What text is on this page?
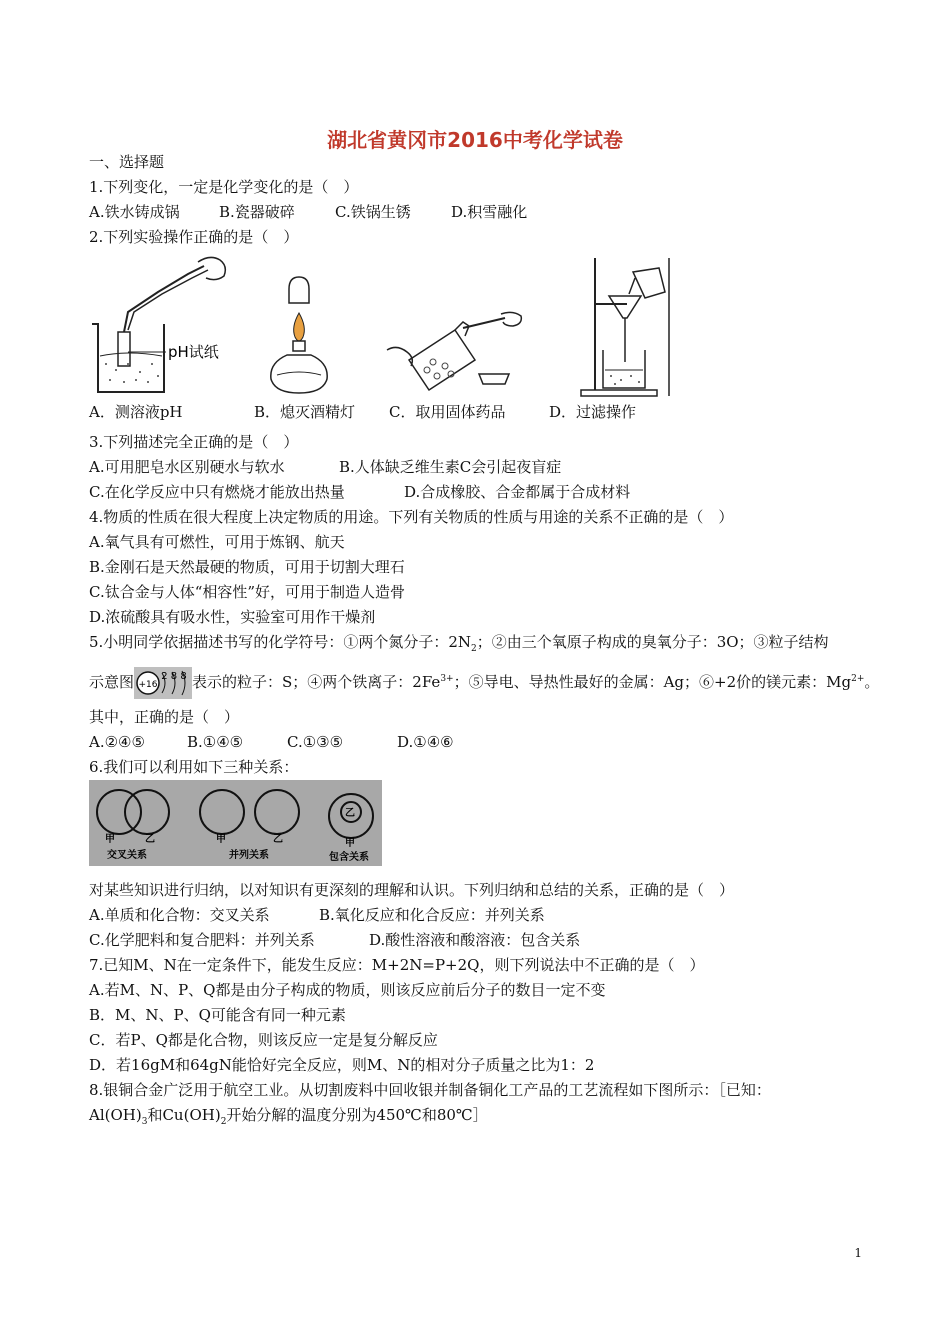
湖北省黄冈市2016中考化学试卷
一、选择题
1.下列变化，一定是化学变化的是（　）
A.铁水铸成锅	B.瓷器破碎	C.铁锅生锈	D.积雪融化
2.下列实验操作正确的是（　）
pH试纸
A．测溶液pH	B．熄灭酒精灯 C．取用固体药品	D．过滤操作
3.下列描述完全正确的是（　）
A.可用肥皂水区别硬水与软水	B.人体缺乏维生素C会引起夜盲症
C.在化学反应中只有燃烧才能放出热量	D.合成橡胶、合金都属于合成材料
4.物质的性质在很大程度上决定物质的用途。下列有关物质的性质与用途的关系不正确的是（　）
A.氧气具有可燃性，可用于炼钢、航天
B.金刚石是天然最硬的物质，可用于切割大理石
C.钛合金与人体“相容性”好，可用于制造人造骨
D.浓硫酸具有吸水性，实验室可用作干燥剂
5.小明同学依据描述书写的化学符号：①两个氮分子：$2N_2$；②由三个氧原子构成的臭氧分子：3O；③粒子结构
示意图 +16
2 8 8 表示的粒子：S；④两个铁离子：$2Fe^{3+}$；⑤导电、导热性最好的金属：Ag；⑥+2价的镁元素：$Mg^{2+}$。
其中，正确的是（　）
A.②④⑤	B.①④⑤	C.①③⑤	D.①④⑥
6.我们可以利用如下三种关系：
甲	乙
交叉关系
甲	乙
并列关系
乙
甲
包含关系
对某些知识进行归纳，以对知识有更深刻的理解和认识。下列归纳和总结的关系，正确的是（　）
A.单质和化合物：交叉关系	B.氧化反应和化合反应：并列关系
C.化学肥料和复合肥料：并列关系	D.酸性溶液和酸溶液：包含关系
7.已知M、N在一定条件下，能发生反应：M+2N=P+2Q，则下列说法中不正确的是（　）
A.若M、N、P、Q都是由分子构成的物质，则该反应前后分子的数目一定不变
B．M、N、P、Q可能含有同一种元素
C．若P、Q都是化合物，则该反应一定是复分解反应
D．若16gM和64gN能恰好完全反应，则M、N的相对分子质量之比为1：2
8.银铜合金广泛用于航空工业。从切割废料中回收银并制备铜化工产品的工艺流程如下图所示：［已知：
$Al(OH)_3$和$Cu(OH)_2$开始分解的温度分别为450℃和80℃］
1
